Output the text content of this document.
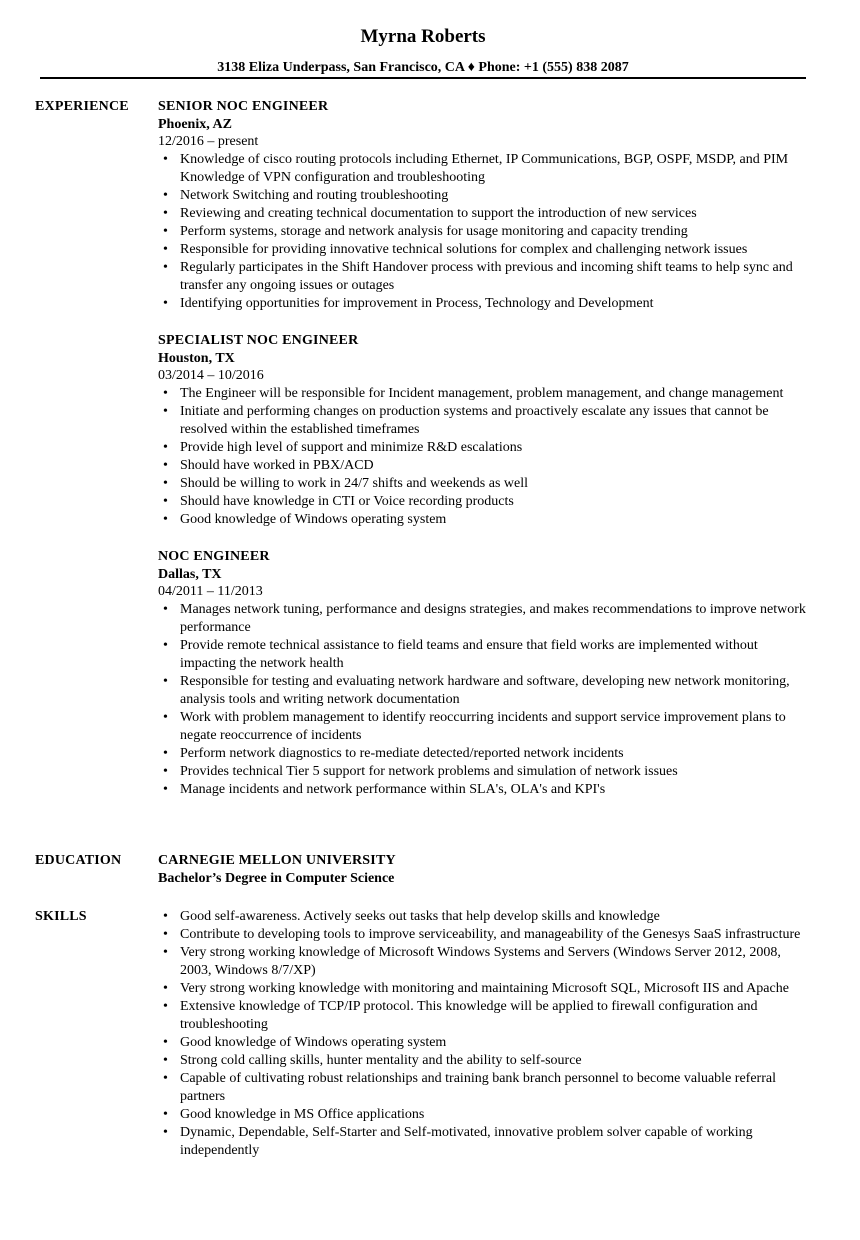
Myrna Roberts
3138 Eliza Underpass, San Francisco, CA ♦ Phone: +1 (555) 838 2087
EXPERIENCE SENIOR NOC ENGINEER
Phoenix, AZ
12/2016 – present
• Knowledge of cisco routing protocols including Ethernet, IP Communications, BGP, OSPF, MSDP, and PIM Knowledge of VPN configuration and troubleshooting
• Network Switching and routing troubleshooting
• Reviewing and creating technical documentation to support the introduction of new services
• Perform systems, storage and network analysis for usage monitoring and capacity trending
• Responsible for providing innovative technical solutions for complex and challenging network issues
• Regularly participates in the Shift Handover process with previous and incoming shift teams to help sync and transfer any ongoing issues or outages
• Identifying opportunities for improvement in Process, Technology and Development
SPECIALIST NOC ENGINEER
Houston, TX
03/2014 – 10/2016
• The Engineer will be responsible for Incident management, problem management, and change management
• Initiate and performing changes on production systems and proactively escalate any issues that cannot be resolved within the established timeframes
• Provide high level of support and minimize R&D escalations
• Should have worked in PBX/ACD
• Should be willing to work in 24/7 shifts and weekends as well
• Should have knowledge in CTI or Voice recording products
• Good knowledge of Windows operating system
NOC ENGINEER
Dallas, TX
04/2011 – 11/2013
• Manages network tuning, performance and designs strategies, and makes recommendations to improve network performance
• Provide remote technical assistance to field teams and ensure that field works are implemented without impacting the network health
• Responsible for testing and evaluating network hardware and software, developing new network monitoring, analysis tools and writing network documentation
• Work with problem management to identify reoccurring incidents and support service improvement plans to negate reoccurrence of incidents
• Perform network diagnostics to re-mediate detected/reported network incidents
• Provides technical Tier 5 support for network problems and simulation of network issues
• Manage incidents and network performance within SLA's, OLA's and KPI's
EDUCATION	CARNEGIE MELLON UNIVERSITY
Bachelor’s Degree in Computer Science
SKILLS
•	Good self-awareness. Actively seeks out tasks that help develop skills and knowledge
• Contribute to developing tools to improve serviceability, and manageability of the Genesys SaaS infrastructure
• Very strong working knowledge of Microsoft Windows Systems and Servers (Windows Server 2012, 2008, 2003, Windows 8/7/XP)
• Very strong working knowledge with monitoring and maintaining Microsoft SQL, Microsoft IIS and Apache
• Extensive knowledge of TCP/IP protocol. This knowledge will be applied to firewall configuration and troubleshooting
• Good knowledge of Windows operating system
• Strong cold calling skills, hunter mentality and the ability to self-source
• Capable of cultivating robust relationships and training bank branch personnel to become valuable referral partners
• Good knowledge in MS Office applications
• Dynamic, Dependable, Self-Starter and Self-motivated, innovative problem solver capable of working independently
